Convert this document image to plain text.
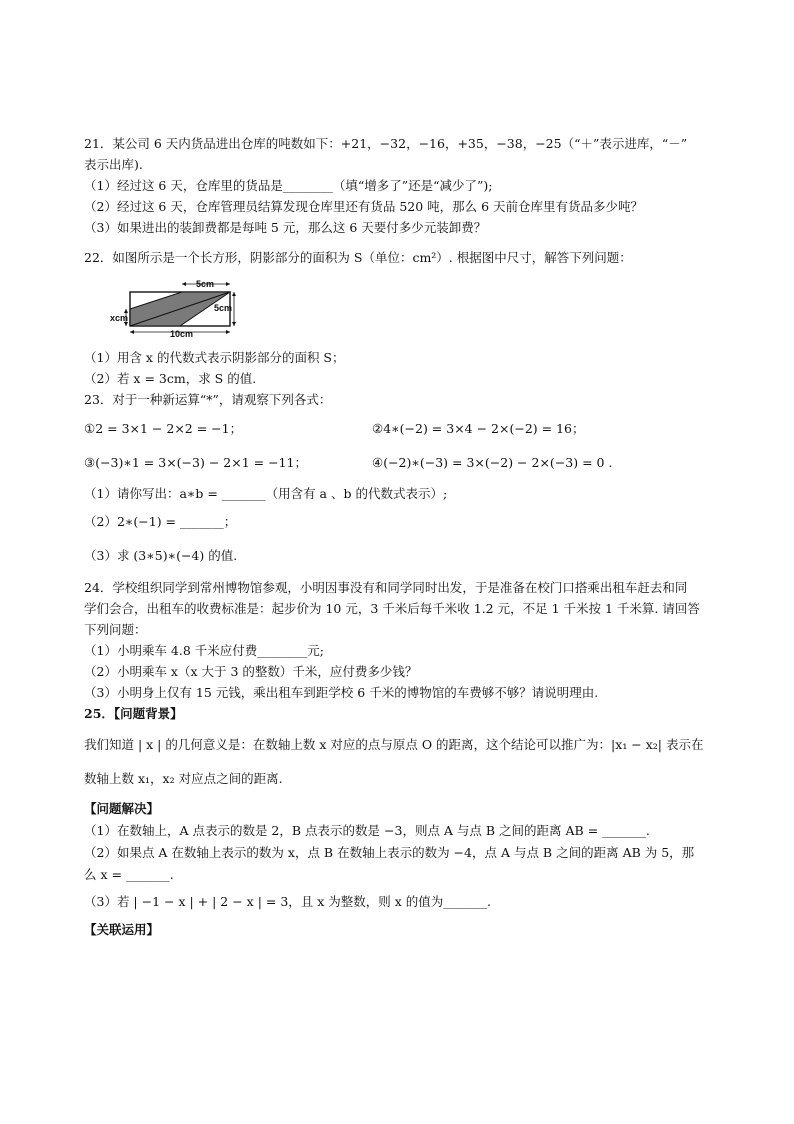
21．某公司 6 天内货品进出仓库的吨数如下：+21，−32，−16，+35，−38，−25（“＋”表示进库，“－”
表示出库).
（1）经过这 6 天，仓库里的货品是________（填“增多了”还是“减少了”);
（2）经过这 6 天，仓库管理员结算发现仓库里还有货品 520 吨，那么 6 天前仓库里有货品多少吨？
（3）如果进出的装卸费都是每吨 5 元，那么这 6 天要付多少元装卸费？
22．如图所示是一个长方形，阴影部分的面积为 S（单位：cm²）. 根据图中尺寸，解答下列问题：
5cm
5cm
xcm
10cm
（1）用含 x 的代数式表示阴影部分的面积 S；
（2）若 x = 3cm，求 S 的值.
23．对于一种新运算“*”，请观察下列各式：
①2 = 3×1 − 2×2 = −1；	②4∗(−2) = 3×4 − 2×(−2) = 16；
③(−3)∗1 = 3×(−3) − 2×1 = −11；	④(−2)∗(−3) = 3×(−2) − 2×(−3) = 0 .
（1）请你写出：a∗b = _______（用含有 a 、b 的代数式表示）;
（2）2∗(−1) = _______；
（3）求 (3∗5)∗(−4) 的值.
24．学校组织同学到常州博物馆参观，小明因事没有和同学同时出发，于是准备在校门口搭乘出租车赶去和同
学们会合，出租车的收费标准是：起步价为 10 元，3 千米后每千米收 1.2 元，不足 1 千米按 1 千米算. 请回答
下列问题：
（1）小明乘车 4.8 千米应付费________元;
（2）小明乘车 x（x 大于 3 的整数）千米，应付费多少钱？
（3）小明身上仅有 15 元钱，乘出租车到距学校 6 千米的博物馆的车费够不够？请说明理由.
25．【问题背景】
我们知道 | x | 的几何意义是：在数轴上数 x 对应的点与原点 O 的距离，这个结论可以推广为：|x₁ − x₂| 表示在
数轴上数 x₁，x₂ 对应点之间的距离.
【问题解决】
（1）在数轴上，A 点表示的数是 2，B 点表示的数是 −3，则点 A 与点 B 之间的距离 AB = _______.
（2）如果点 A 在数轴上表示的数为 x，点 B 在数轴上表示的数为 −4，点 A 与点 B 之间的距离 AB 为 5，那
么 x = _______.
（3）若 | −1 − x | + | 2 − x | = 3，且 x 为整数，则 x 的值为_______.
【关联运用】
